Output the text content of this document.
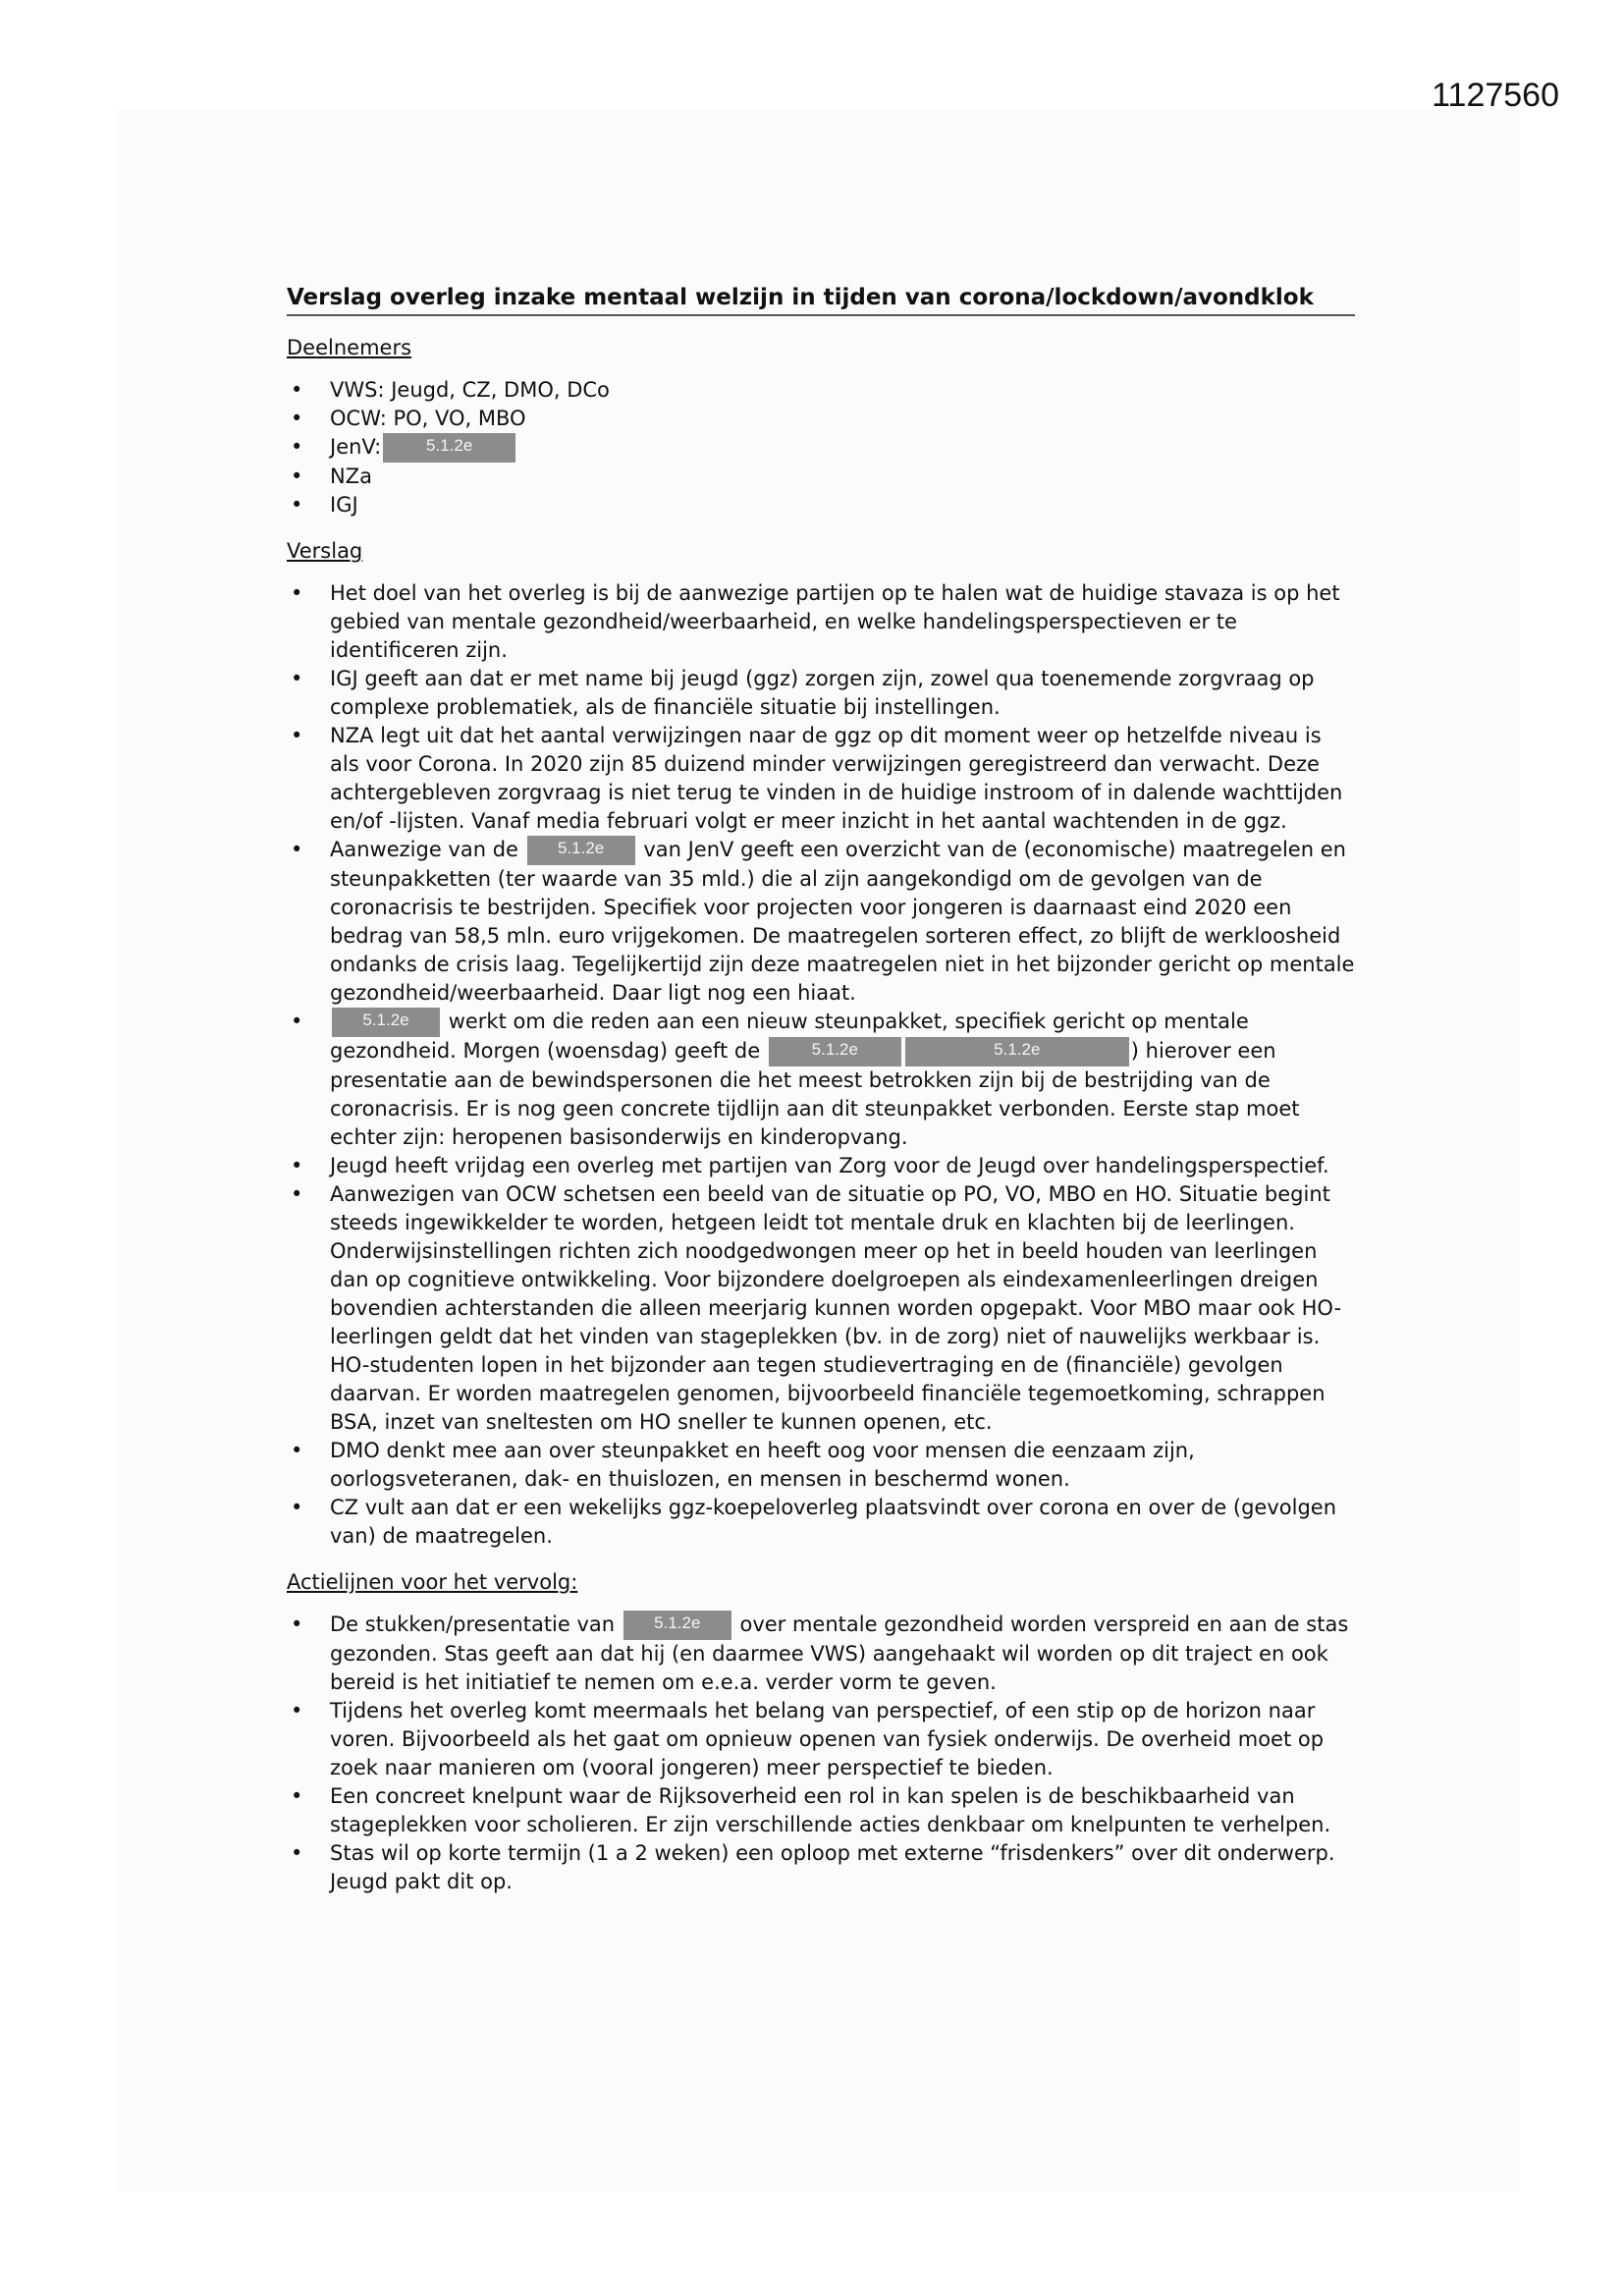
1127560
Verslag overleg inzake mentaal welzijn in tijden van corona/lockdown/avondklok
Deelnemers
• VWS: Jeugd, CZ, DMO, DCo
• OCW: PO, VO, MBO
• JenV:	5.1.2e
• NZa
• IGJ
Verslag
• Het doel van het overleg is bij de aanwezige partijen op te halen wat de huidige stavaza is op het gebied van mentale gezondheid/weerbaarheid, en welke handelingsperspectieven er te identificeren zijn.
• IGJ geeft aan dat er met name bij jeugd (ggz) zorgen zijn, zowel qua toenemende zorgvraag op complexe problematiek, als de financiële situatie bij instellingen.
• NZA legt uit dat het aantal verwijzingen naar de ggz op dit moment weer op hetzelfde niveau is als voor Corona. In 2020 zijn 85 duizend minder verwijzingen geregistreerd dan verwacht. Deze achtergebleven zorgvraag is niet terug te vinden in de huidige instroom of in dalende wachttijden en/of -lijsten. Vanaf media februari volgt er meer inzicht in het aantal wachtenden in de ggz.
• Aanwezige van de 5.1.2e van JenV geeft een overzicht van de (economische) maatregelen en steunpakketten (ter waarde van 35 mld.) die al zijn aangekondigd om de gevolgen van de coronacrisis te bestrijden. Specifiek voor projecten voor jongeren is daarnaast eind 2020 een bedrag van 58,5 mln. euro vrijgekomen. De maatregelen sorteren effect, zo blijft de werkloosheid ondanks de crisis laag. Tegelijkertijd zijn deze maatregelen niet in het bijzonder gericht op mentale gezondheid/weerbaarheid. Daar ligt nog een hiaat.
• 5.1.2e werkt om die reden aan een nieuw steunpakket, specifiek gericht op mentale gezondheid. Morgen (woensdag) geeft de	5.1.2e	5.1.2e	) hierover een presentatie aan de bewindspersonen die het meest betrokken zijn bij de bestrijding van de coronacrisis. Er is nog geen concrete tijdlijn aan dit steunpakket verbonden. Eerste stap moet echter zijn: heropenen basisonderwijs en kinderopvang.
• Jeugd heeft vrijdag een overleg met partijen van Zorg voor de Jeugd over handelingsperspectief.
• Aanwezigen van OCW schetsen een beeld van de situatie op PO, VO, MBO en HO. Situatie begint steeds ingewikkelder te worden, hetgeen leidt tot mentale druk en klachten bij de leerlingen. Onderwijsinstellingen richten zich noodgedwongen meer op het in beeld houden van leerlingen dan op cognitieve ontwikkeling. Voor bijzondere doelgroepen als eindexamenleerlingen dreigen bovendien achterstanden die alleen meerjarig kunnen worden opgepakt. Voor MBO maar ook HO-leerlingen geldt dat het vinden van stageplekken (bv. in de zorg) niet of nauwelijks werkbaar is. HO-studenten lopen in het bijzonder aan tegen studievertraging en de (financiële) gevolgen daarvan. Er worden maatregelen genomen, bijvoorbeeld financiële tegemoetkoming, schrappen BSA, inzet van sneltesten om HO sneller te kunnen openen, etc.
• DMO denkt mee aan over steunpakket en heeft oog voor mensen die eenzaam zijn, oorlogsveteranen, dak- en thuislozen, en mensen in beschermd wonen.
• CZ vult aan dat er een wekelijks ggz-koepeloverleg plaatsvindt over corona en over de (gevolgen van) de maatregelen.
Actielijnen voor het vervolg:
• De stukken/presentatie van 5.1.2e over mentale gezondheid worden verspreid en aan de stas gezonden. Stas geeft aan dat hij (en daarmee VWS) aangehaakt wil worden op dit traject en ook bereid is het initiatief te nemen om e.e.a. verder vorm te geven.
• Tijdens het overleg komt meermaals het belang van perspectief, of een stip op de horizon naar voren. Bijvoorbeeld als het gaat om opnieuw openen van fysiek onderwijs. De overheid moet op zoek naar manieren om (vooral jongeren) meer perspectief te bieden.
• Een concreet knelpunt waar de Rijksoverheid een rol in kan spelen is de beschikbaarheid van stageplekken voor scholieren. Er zijn verschillende acties denkbaar om knelpunten te verhelpen.
• Stas wil op korte termijn (1 a 2 weken) een oploop met externe “frisdenkers” over dit onderwerp. Jeugd pakt dit op.
